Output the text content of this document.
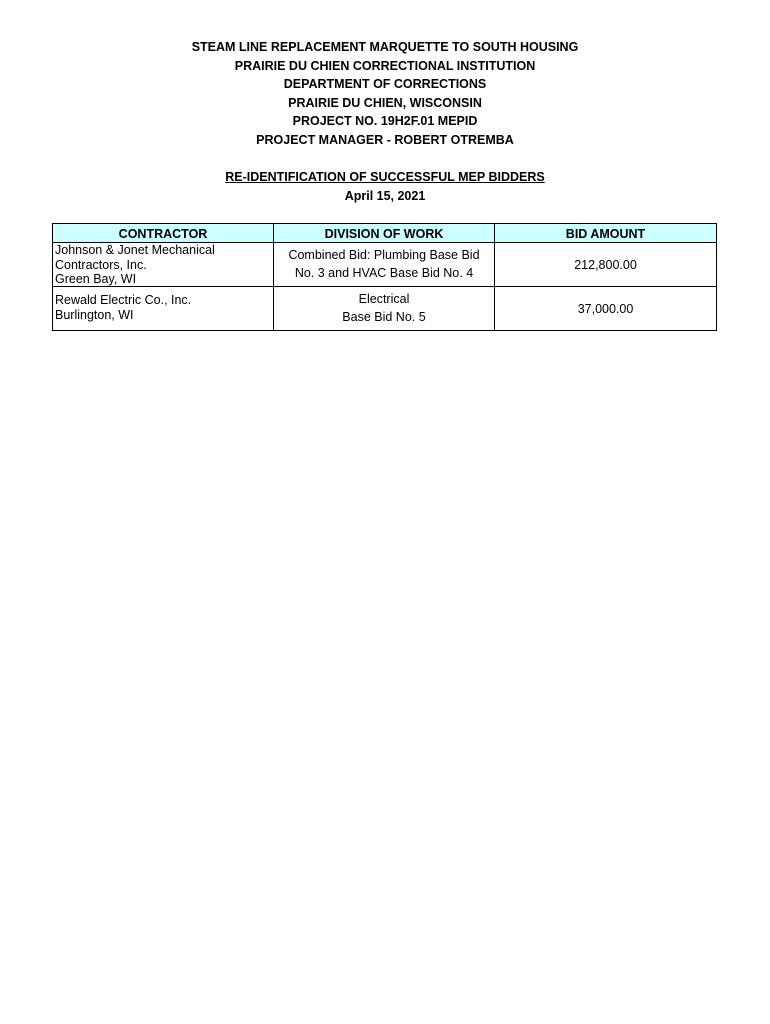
STEAM LINE REPLACEMENT MARQUETTE TO SOUTH HOUSING
PRAIRIE DU CHIEN CORRECTIONAL INSTITUTION
DEPARTMENT OF CORRECTIONS
PRAIRIE DU CHIEN, WISCONSIN
PROJECT NO. 19H2F.01 MEPID
PROJECT MANAGER - ROBERT OTREMBA
RE-IDENTIFICATION OF SUCCESSFUL MEP BIDDERS
April 15, 2021
CONTRACTOR	DIVISION OF WORK	BID AMOUNT

Johnson & Jonet Mechanical
Contractors, Inc.
Green Bay, WI	Combined Bid: Plumbing Base Bid
No. 3 and HVAC Base Bid No. 4	212,800.00

Rewald Electric Co., Inc.
Burlington, WI	Electrical
Base Bid No. 5	37,000.00
